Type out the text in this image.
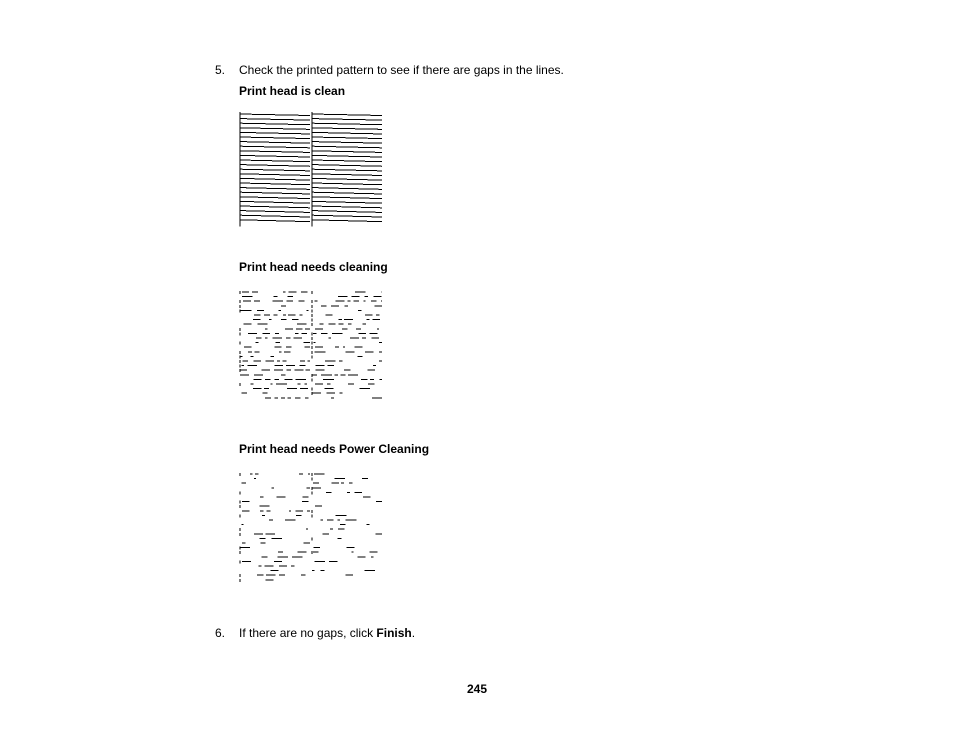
5. Check the printed pattern to see if there are gaps in the lines.
Print head is clean
Print head needs cleaning
Print head needs Power Cleaning
6. If there are no gaps, click Finish.
245
